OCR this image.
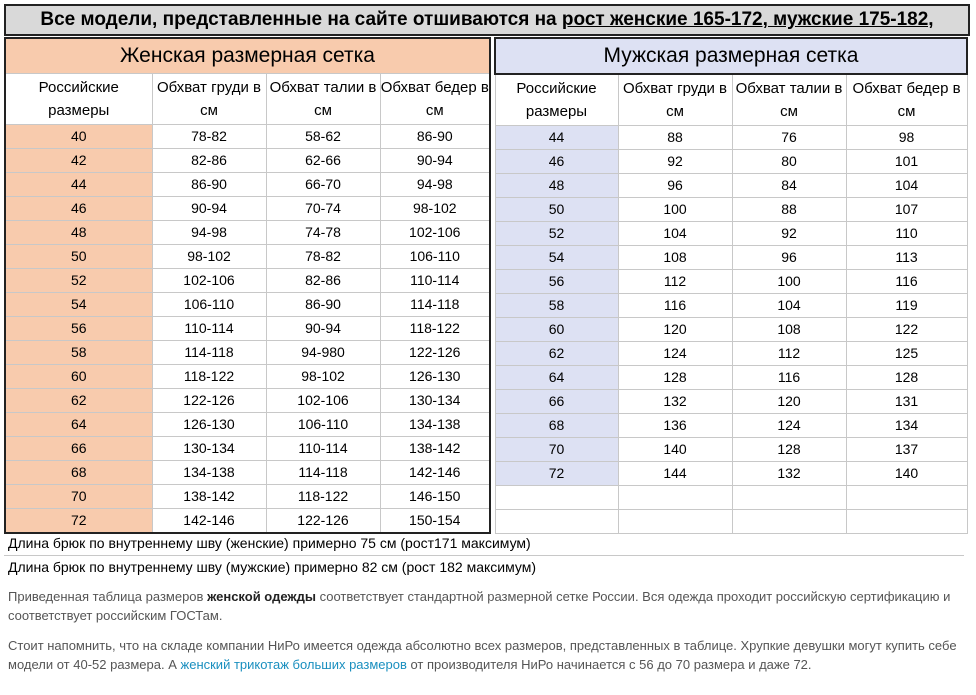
Все модели, представленные на сайте отшиваются на рост женские 165-172, мужские 175-182,
Женская размерная сетка			
Российские размеры	Обхват груди в см	Обхват талии в см	Обхват бедер в см
40	78-82	58-62	86-90
42	82-86	62-66	90-94
44	86-90	66-70	94-98
46	90-94	70-74	98-102
48	94-98	74-78	102-106
50	98-102	78-82	106-110
52	102-106	82-86	110-114
54	106-110	86-90	114-118
56	110-114	90-94	118-122
58	114-118	94-980	122-126
60	118-122	98-102	126-130
62	122-126	102-106	130-134
64	126-130	106-110	134-138
66	130-134	110-114	138-142
68	134-138	114-118	142-146
70	138-142	118-122	146-150
72	142-146	122-126	150-154
Мужская размерная сетка			
Российские размеры	Обхват груди в см	Обхват талии в см	Обхват бедер в см
44	88	76	98
46	92	80	101
48	96	84	104
50	100	88	107
52	104	92	110
54	108	96	113
56	112	100	116
58	116	104	119
60	120	108	122
62	124	112	125
64	128	116	128
66	132	120	131
68	136	124	134
70	140	128	137
72	144	132	140

Длина брюк по внутреннему шву (женские) примерно 75 см (рост171 максимум)
Длина брюк по внутреннему шву (мужские) примерно 82 см (рост 182 максимум)
Приведенная таблица размеров женской одежды соответствует стандартной размерной сетке России. Вся одежда проходит российскую сертификацию и соответствует российским ГОСТам.
Стоит напомнить, что на складе компании НиРо имеется одежда абсолютно всех размеров, представленных в таблице. Хрупкие девушки могут купить себе модели от 40-52 размера. А женский трикотаж больших размеров от производителя НиРо начинается с 56 до 70 размера и даже 72.
